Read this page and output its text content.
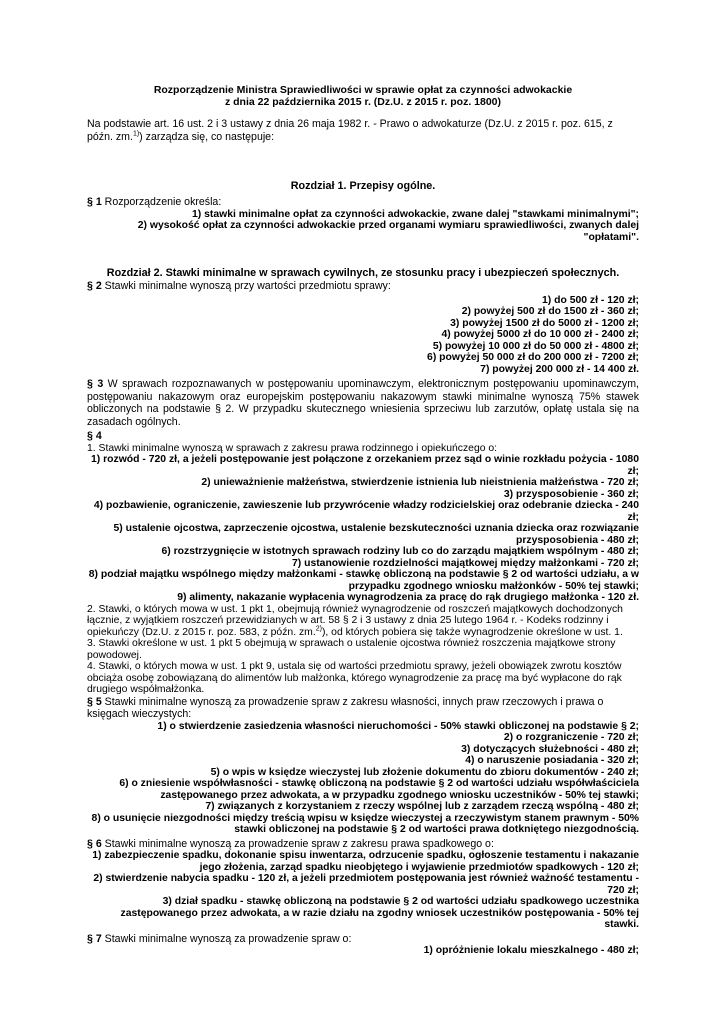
Rozporządzenie Ministra Sprawiedliwości w sprawie opłat za czynności adwokackie
z dnia 22 października 2015 r. (Dz.U. z 2015 r. poz. 1800)

Na podstawie art. 16 ust. 2 i 3 ustawy z dnia 26 maja 1982 r. - Prawo o adwokaturze (Dz.U. z 2015 r. poz. 615, z późn. zm.$^{1)}$) zarządza się, co następuje:

Rozdział 1. Przepisy ogólne.

§ 1 Rozporządzenie określa:

1) stawki minimalne opłat za czynności adwokackie, zwane dalej "stawkami minimalnymi";

2) wysokość opłat za czynności adwokackie przed organami wymiaru sprawiedliwości, zwanych dalej "opłatami".

Rozdział 2. Stawki minimalne w sprawach cywilnych, ze stosunku pracy i ubezpieczeń społecznych.

§ 2 Stawki minimalne wynoszą przy wartości przedmiotu sprawy:

1) do 500 zł - 120 zł;

2) powyżej 500 zł do 1500 zł - 360 zł;

3) powyżej 1500 zł do 5000 zł - 1200 zł;

4) powyżej 5000 zł do 10 000 zł - 2400 zł;

5) powyżej 10 000 zł do 50 000 zł - 4800 zł;

6) powyżej 50 000 zł do 200 000 zł - 7200 zł;

7) powyżej 200 000 zł - 14 400 zł.

§ 3 W sprawach rozpoznawanych w postępowaniu upominawczym, elektronicznym postępowaniu upominawczym, postępowaniu nakazowym oraz europejskim postępowaniu nakazowym stawki minimalne wynoszą 75% stawek obliczonych na podstawie § 2. W przypadku skutecznego wniesienia sprzeciwu lub zarzutów, opłatę ustala się na zasadach ogólnych.

§ 4

1. Stawki minimalne wynoszą w sprawach z zakresu prawa rodzinnego i opiekuńczego o:

1) rozwód - 720 zł, a jeżeli postępowanie jest połączone z orzekaniem przez sąd o winie rozkładu pożycia - 1080 zł;

2) unieważnienie małżeństwa, stwierdzenie istnienia lub nieistnienia małżeństwa - 720 zł;

3) przysposobienie - 360 zł;

4) pozbawienie, ograniczenie, zawieszenie lub przywrócenie władzy rodzicielskiej oraz odebranie dziecka - 240 zł;

5) ustalenie ojcostwa, zaprzeczenie ojcostwa, ustalenie bezskuteczności uznania dziecka oraz rozwiązanie przysposobienia - 480 zł;

6) rozstrzygnięcie w istotnych sprawach rodziny lub co do zarządu majątkiem wspólnym - 480 zł;

7) ustanowienie rozdzielności majątkowej między małżonkami - 720 zł;

8) podział majątku wspólnego między małżonkami - stawkę obliczoną na podstawie § 2 od wartości udziału, a w przypadku zgodnego wniosku małżonków - 50% tej stawki;

9) alimenty, nakazanie wypłacenia wynagrodzenia za pracę do rąk drugiego małżonka - 120 zł.

2. Stawki, o których mowa w ust. 1 pkt 1, obejmują również wynagrodzenie od roszczeń majątkowych dochodzonych łącznie, z wyjątkiem roszczeń przewidzianych w art. 58 § 2 i 3 ustawy z dnia 25 lutego 1964 r. - Kodeks rodzinny i opiekuńczy (Dz.U. z 2015 r. poz. 583, z późn. zm.$^{2)}$), od których pobiera się także wynagrodzenie określone w ust. 1.

3. Stawki określone w ust. 1 pkt 5 obejmują w sprawach o ustalenie ojcostwa również roszczenia majątkowe strony powodowej.

4. Stawki, o których mowa w ust. 1 pkt 9, ustala się od wartości przedmiotu sprawy, jeżeli obowiązek zwrotu kosztów obciąża osobę zobowiązaną do alimentów lub małżonka, którego wynagrodzenie za pracę ma być wypłacone do rąk drugiego współmałżonka.

§ 5 Stawki minimalne wynoszą za prowadzenie spraw z zakresu własności, innych praw rzeczowych i prawa o księgach wieczystych:

1) o stwierdzenie zasiedzenia własności nieruchomości - 50% stawki obliczonej na podstawie § 2;

2) o rozgraniczenie - 720 zł;

3) dotyczących służebności - 480 zł;

4) o naruszenie posiadania - 320 zł;

5) o wpis w księdze wieczystej lub złożenie dokumentu do zbioru dokumentów - 240 zł;

6) o zniesienie współwłasności - stawkę obliczoną na podstawie § 2 od wartości udziału współwłaściciela zastępowanego przez adwokata, a w przypadku zgodnego wniosku uczestników - 50% tej stawki;

7) związanych z korzystaniem z rzeczy wspólnej lub z zarządem rzeczą wspólną - 480 zł;

8) o usunięcie niezgodności między treścią wpisu w księdze wieczystej a rzeczywistym stanem prawnym - 50% stawki obliczonej na podstawie § 2 od wartości prawa dotkniętego niezgodnością.

§ 6 Stawki minimalne wynoszą za prowadzenie spraw z zakresu prawa spadkowego o:

1) zabezpieczenie spadku, dokonanie spisu inwentarza, odrzucenie spadku, ogłoszenie testamentu i nakazanie jego złożenia, zarząd spadku nieobjętego i wyjawienie przedmiotów spadkowych - 120 zł;

2) stwierdzenie nabycia spadku - 120 zł, a jeżeli przedmiotem postępowania jest również ważność testamentu - 720 zł;

3) dział spadku - stawkę obliczoną na podstawie § 2 od wartości udziału spadkowego uczestnika zastępowanego przez adwokata, a w razie działu na zgodny wniosek uczestników postępowania - 50% tej stawki.

§ 7 Stawki minimalne wynoszą za prowadzenie spraw o:

1) opróżnienie lokalu mieszkalnego - 480 zł;
